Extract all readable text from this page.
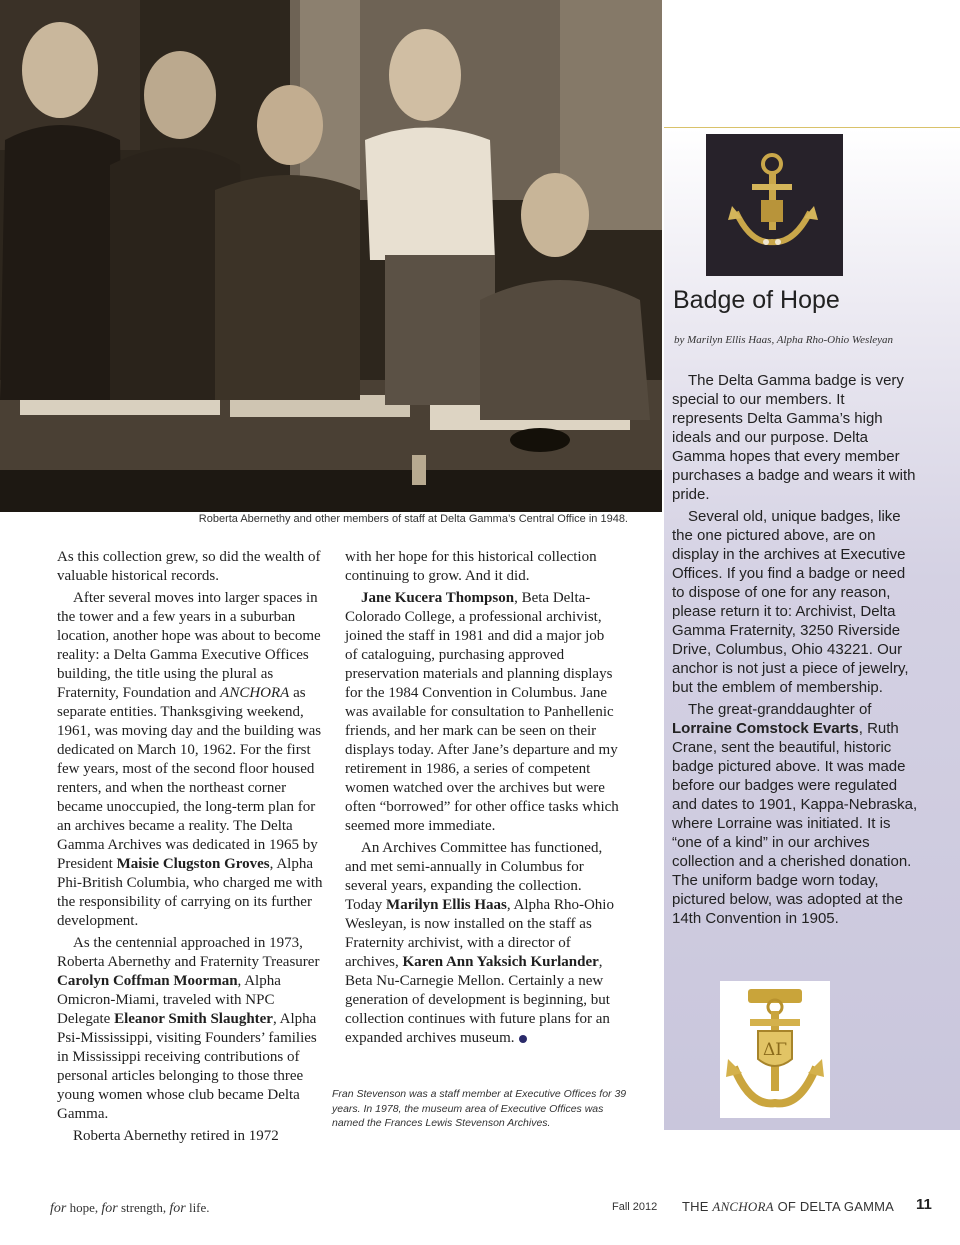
Roberta Abernethy and other members of staff at Delta Gamma’s Central Office in 1948.
Badge of Hope
by Marilyn Ellis Haas, Alpha Rho-Ohio Wesleyan

The Delta Gamma badge is very special to our members. It represents Delta Gamma’s high ideals and our purpose. Delta Gamma hopes that every member purchases a badge and wears it with pride.

Several old, unique badges, like the one pictured above, are on display in the archives at Executive Offices. If you find a badge or need to dispose of one for any reason, please return it to: Archivist, Delta Gamma Fraternity, 3250 Riverside Drive, Columbus, Ohio 43221. Our anchor is not just a piece of jewelry, but the emblem of membership.

The great-granddaughter of Lorraine Comstock Evarts, Ruth Crane, sent the beautiful, historic badge pictured above. It was made before our badges were regulated and dates to 1901, Kappa-Nebraska, where Lorraine was initiated. It is “one of a kind” in our archives collection and a cherished donation. The uniform badge worn today, pictured below, was adopted at the 14th Convention in 1905.

ΔΓ

As this collection grew, so did the wealth of valuable historical records.

After several moves into larger spaces in the tower and a few years in a suburban location, another hope was about to become reality: a Delta Gamma Executive Offices building, the title using the plural as Fraternity, Foundation and ANCHORA as separate entities. Thanksgiving weekend, 1961, was moving day and the building was dedicated on March 10, 1962. For the first few years, most of the second floor housed renters, and when the northeast corner became unoccupied, the long-term plan for an archives became a reality. The Delta Gamma Archives was dedicated in 1965 by President Maisie Clugston Groves, Alpha Phi-British Columbia, who charged me with the responsibility of carrying on its further development.

As the centennial approached in 1973, Roberta Abernethy and Fraternity Treasurer Carolyn Coffman Moorman, Alpha Omicron-Miami, traveled with NPC Delegate Eleanor Smith Slaughter, Alpha Psi-Mississippi, visiting Founders’ families in Mississippi receiving contributions of personal articles belonging to those three young women whose club became Delta Gamma.

Roberta Abernethy retired in 1972

with her hope for this historical collection continuing to grow. And it did.

Jane Kucera Thompson, Beta Delta-Colorado College, a professional archivist, joined the staff in 1981 and did a major job of cataloguing, purchasing approved preservation materials and planning displays for the 1984 Convention in Columbus. Jane was available for consultation to Panhellenic friends, and her mark can be seen on their displays today. After Jane’s departure and my retirement in 1986, a series of competent women watched over the archives but were often “borrowed” for other office tasks which seemed more immediate.

An Archives Committee has functioned, and met semi-annually in Columbus for several years, expanding the collection. Today Marilyn Ellis Haas, Alpha Rho-Ohio Wesleyan, is now installed on the staff as Fraternity archivist, with a director of archives, Karen Ann Yaksich Kurlander, Beta Nu-Carnegie Mellon. Certainly a new generation of development is beginning, but collection continues with future plans for an expanded archives museum.

Fran Stevenson was a staff member at Executive Offices for 39 years. In 1978, the museum area of Executive Offices was named the Frances Lewis Stevenson Archives.
for hope, for strength, for life.	Fall 2012 THE ANCHORA OF DELTA GAMMA 11
